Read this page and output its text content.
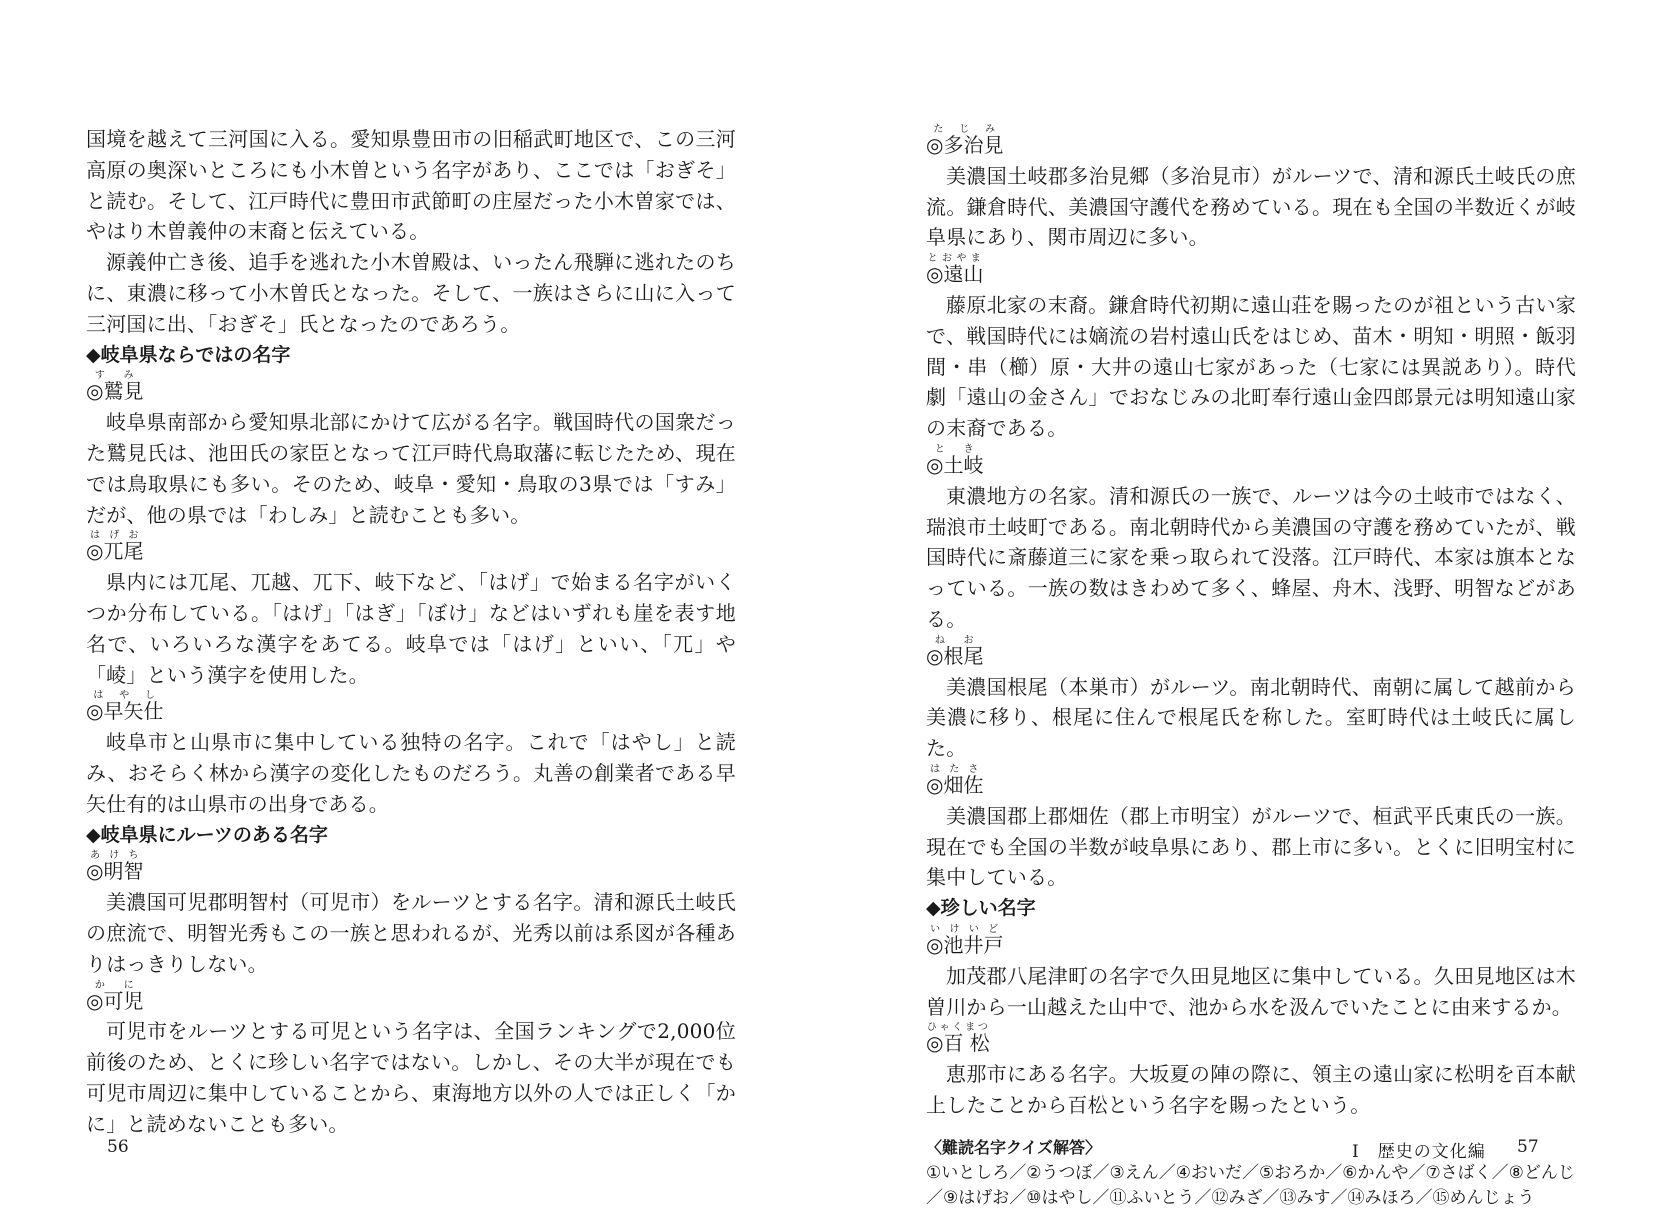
国境を越えて三河国に入る。愛知県豊田市の旧稲武町地区で、この三河高原の奥深いところにも小木曽という名字があり、ここでは「おぎそ」と読む。そして、江戸時代に豊田市武節町の庄屋だった小木曽家では、やはり木曽義仲の末裔と伝えている。

源義仲亡き後、追手を逃れた小木曽殿は、いったん飛騨に逃れたのちに、東濃に移って小木曽氏となった。そして、一族はさらに山に入って三河国に出、「おぎそ」氏となったのであろう。

◆岐阜県ならではの名字

◎鷲見すみ

岐阜県南部から愛知県北部にかけて広がる名字。戦国時代の国衆だった鷲見氏は、池田氏の家臣となって江戸時代鳥取藩に転じたため、現在では鳥取県にも多い。そのため、岐阜・愛知・鳥取の3県では「すみ」だが、他の県では「わしみ」と読むことも多い。

◎兀尾はげお

県内には兀尾、兀越、兀下、岐下など、「はげ」で始まる名字がいくつか分布している。「はげ」「はぎ」「ぼけ」などはいずれも崖を表す地名で、いろいろな漢字をあてる。岐阜では「はげ」といい、「兀」や「崚」という漢字を使用した。

◎早矢仕はやし

岐阜市と山県市に集中している独特の名字。これで「はやし」と読み、おそらく林から漢字の変化したものだろう。丸善の創業者である早矢仕有的は山県市の出身である。

◆岐阜県にルーツのある名字

◎明智あけち

美濃国可児郡明智村（可児市）をルーツとする名字。清和源氏土岐氏の庶流で、明智光秀もこの一族と思われるが、光秀以前は系図が各種ありはっきりしない。

◎可児かに

可児市をルーツとする可児という名字は、全国ランキングで2,000位前後のため、とくに珍しい名字ではない。しかし、その大半が現在でも可児市周辺に集中していることから、東海地方以外の人では正しく「かに」と読めないことも多い。

56

◎多治見たじみ

美濃国土岐郡多治見郷（多治見市）がルーツで、清和源氏土岐氏の庶流。鎌倉時代、美濃国守護代を務めている。現在も全国の半数近くが岐阜県にあり、関市周辺に多い。

◎遠山とおやま

藤原北家の末裔。鎌倉時代初期に遠山荘を賜ったのが祖という古い家で、戦国時代には嫡流の岩村遠山氏をはじめ、苗木・明知・明照・飯羽間・串（櫛）原・大井の遠山七家があった（七家には異説あり）。時代劇「遠山の金さん」でおなじみの北町奉行遠山金四郎景元は明知遠山家の末裔である。

◎土岐とき

東濃地方の名家。清和源氏の一族で、ルーツは今の土岐市ではなく、瑞浪市土岐町である。南北朝時代から美濃国の守護を務めていたが、戦国時代に斎藤道三に家を乗っ取られて没落。江戸時代、本家は旗本となっている。一族の数はきわめて多く、蜂屋、舟木、浅野、明智などがある。

◎根尾ねお

美濃国根尾（本巣市）がルーツ。南北朝時代、南朝に属して越前から美濃に移り、根尾に住んで根尾氏を称した。室町時代は土岐氏に属した。

◎畑佐はたさ

美濃国郡上郡畑佐（郡上市明宝）がルーツで、桓武平氏東氏の一族。現在でも全国の半数が岐阜県にあり、郡上市に多い。とくに旧明宝村に集中している。

◆珍しい名字

◎池井戸いけいど

加茂郡八尾津町の名字で久田見地区に集中している。久田見地区は木曽川から一山越えた山中で、池から水を汲んでいたことに由来するか。

◎百 松ひゃくまつ

恵那市にある名字。大坂夏の陣の際に、領主の遠山家に松明を百本献上したことから百松という名字を賜ったという。

〈難読名字クイズ解答〉

①いとしろ／②うつぼ／③えん／④おいだ／⑤おろか／⑥かんや／⑦さばく／⑧どんじ／⑨はげお／⑩はやし／⑪ふいとう／⑫みざ／⑬みす／⑭みほろ／⑮めんじょう

Ⅰ　歴史の文化編 57
